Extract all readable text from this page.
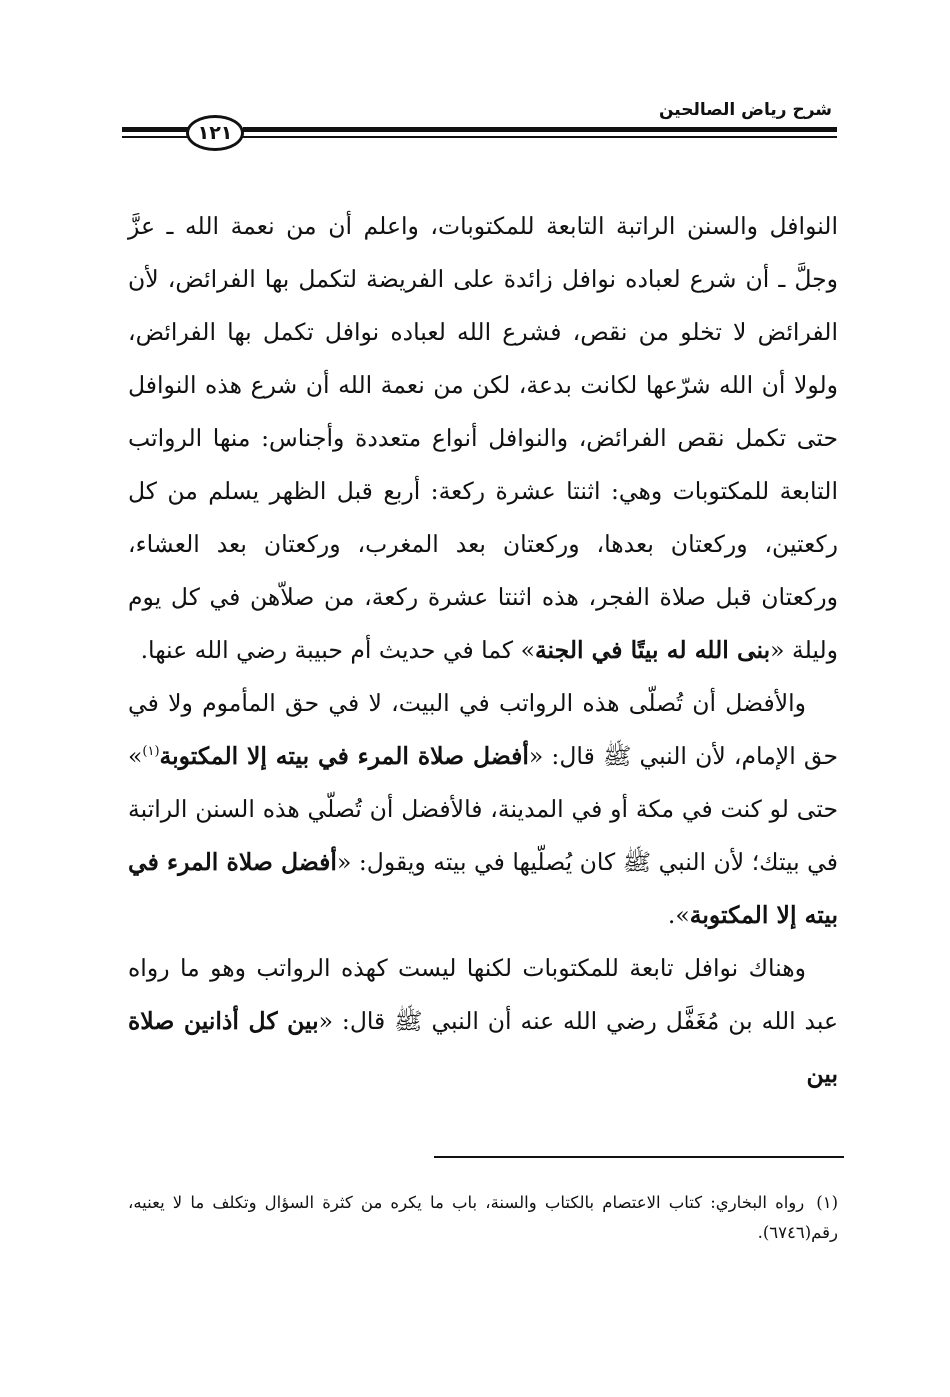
شرح رياض الصالحين
١٢١

النوافل والسنن الراتبة التابعة للمكتوبات، واعلم أن من نعمة الله ـ عزَّ وجلَّ ـ أن شرع لعباده نوافل زائدة على الفريضة لتكمل بها الفرائض، لأن الفرائض لا تخلو من نقص، فشرع الله لعباده نوافل تكمل بها الفرائض، ولولا أن الله شرّعها لكانت بدعة، لكن من نعمة الله أن شرع هذه النوافل حتى تكمل نقص الفرائض، والنوافل أنواع متعددة وأجناس: منها الرواتب التابعة للمكتوبات وهي: اثنتا عشرة ركعة: أربع قبل الظهر يسلم من كل ركعتين، وركعتان بعدها، وركعتان بعد المغرب، وركعتان بعد العشاء، وركعتان قبل صلاة الفجر، هذه اثنتا عشرة ركعة، من صلاّهن في كل يوم وليلة «بنى الله له بيتًا في الجنة» كما في حديث أم حبيبة رضي الله عنها.

والأفضل أن تُصلّى هذه الرواتب في البيت، لا في حق المأموم ولا في حق الإمام، لأن النبي ﷺ قال: «أفضل صلاة المرء في بيته إلا المكتوبة$^{(١)}$» حتى لو كنت في مكة أو في المدينة، فالأفضل أن تُصلّي هذه السنن الراتبة في بيتك؛ لأن النبي ﷺ كان يُصلّيها في بيته ويقول: «أفضل صلاة المرء في بيته إلا المكتوبة».

وهناك نوافل تابعة للمكتوبات لكنها ليست كهذه الرواتب وهو ما رواه عبد الله بن مُغَفَّل رضي الله عنه أن النبي ﷺ قال: «بين كل أذانين صلاة بين

(١)رواه البخاري: كتاب الاعتصام بالكتاب والسنة، باب ما يكره من كثرة السؤال وتكلف ما لا يعنيه، رقم(٦٧٤٦).
